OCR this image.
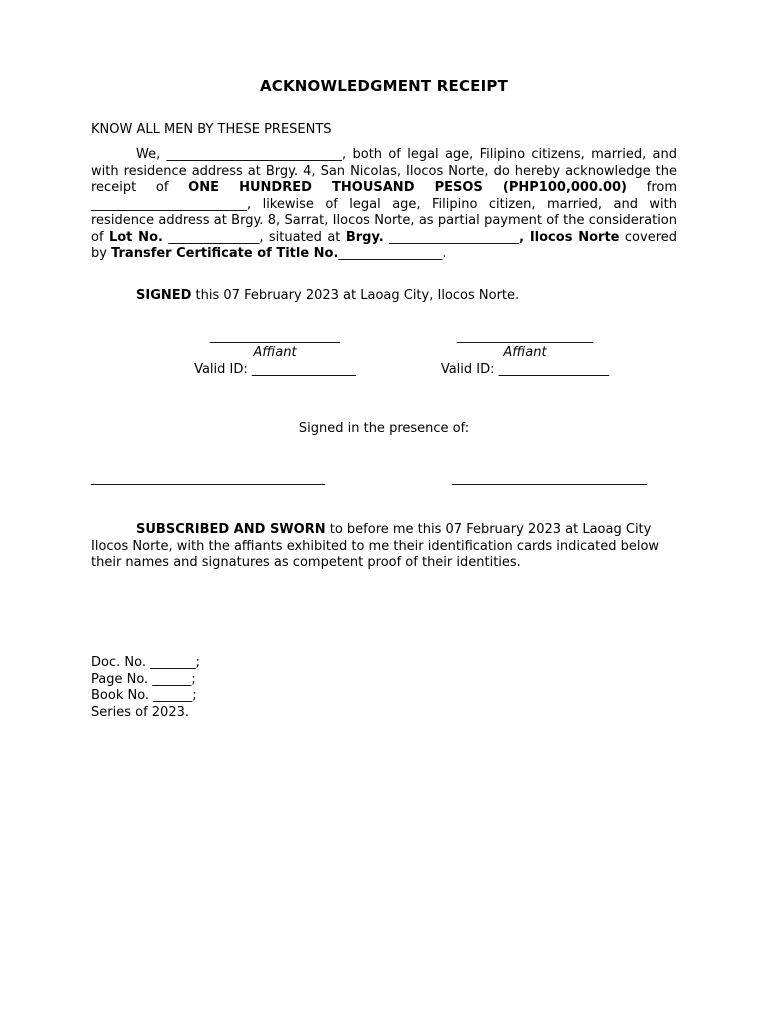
ACKNOWLEDGMENT RECEIPT
KNOW ALL MEN BY THESE PRESENTS
We, ___________________________, both of legal age, Filipino citizens, married, and with residence address at Brgy. 4, San Nicolas, Ilocos Norte, do hereby acknowledge the receipt of ONE HUNDRED THOUSAND PESOS (PHP100,000.00) from ________________________, likewise of legal age, Filipino citizen, married, and with residence address at Brgy. 8, Sarrat, Ilocos Norte, as partial payment of the consideration of Lot No. ______________, situated at Brgy. ____________________, Ilocos Norte covered by Transfer Certificate of Title No.________________.
SIGNED this 07 February 2023 at Laoag City, Ilocos Norte.
____________________
Affiant
Valid ID: ________________
_____________________
Affiant
Valid ID: _________________
Signed in the presence of:
____________________________________	______________________________
SUBSCRIBED AND SWORN to before me this 07 February 2023 at Laoag City Ilocos Norte, with the affiants exhibited to me their identification cards indicated below their names and signatures as competent proof of their identities.
Doc. No. _______;
Page No. ______;
Book No. ______;
Series of 2023.
